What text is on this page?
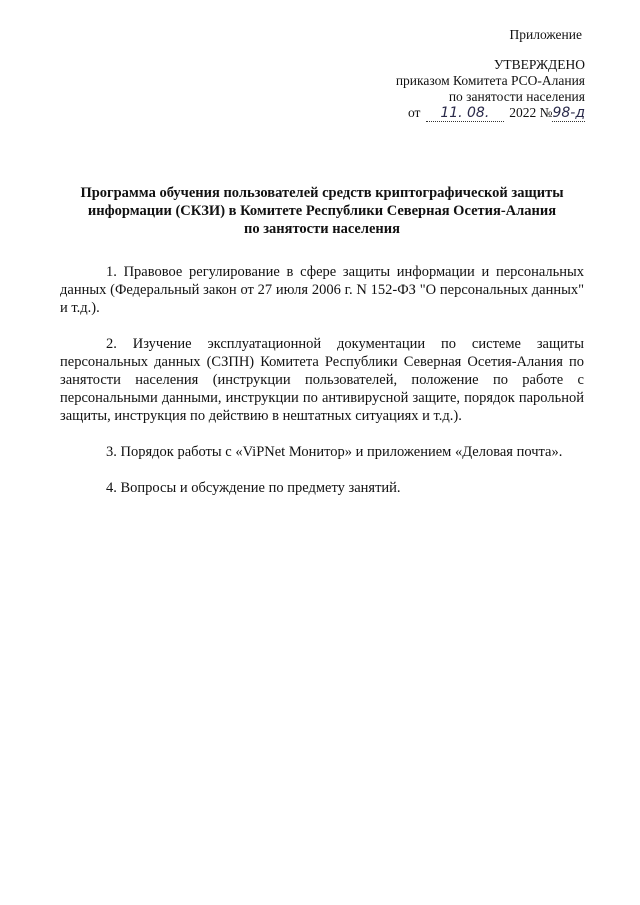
Приложение
УТВЕРЖДЕНО
приказом Комитета РСО-Алания
по занятости населения
от 11. 08. 2022 №98-д
Программа обучения пользователей средств криптографической защиты
информации (СКЗИ) в Комитете Республики Северная Осетия-Алания
по занятости населения

1. Правовое регулирование в сфере защиты информации и персональных данных (Федеральный закон от 27 июля 2006 г. N 152-ФЗ "О персональных данных" и т.д.).

2. Изучение эксплуатационной документации по системе защиты персональных данных (СЗПН) Комитета Республики Северная Осетия-Алания по занятости населения (инструкции пользователей, положение по работе с персональными данными, инструкции по антивирусной защите, порядок парольной защиты, инструкция по действию в нештатных ситуациях и т.д.).

3. Порядок работы с «ViPNet Монитор» и приложением «Деловая почта».

4. Вопросы и обсуждение по предмету занятий.
